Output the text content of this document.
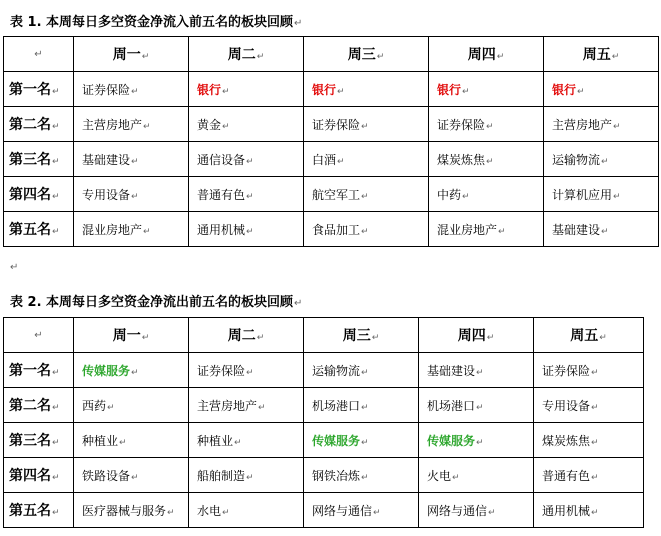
表 1. 本周每日多空资金净流入前五名的板块回顾↵
↵	周一↵	周二↵	周三↵	周四↵	周五↵
第一名↵	证券保险↵	银行↵	银行↵	银行↵	银行↵
第二名↵	主营房地产↵	黄金↵	证券保险↵	证券保险↵	主营房地产↵
第三名↵	基础建设↵	通信设备↵	白酒↵	煤炭炼焦↵	运输物流↵
第四名↵	专用设备↵	普通有色↵	航空军工↵	中药↵	计算机应用↵
第五名↵	混业房地产↵	通用机械↵	食品加工↵	混业房地产↵	基础建设↵
↵
表 2. 本周每日多空资金净流出前五名的板块回顾↵
↵	周一↵	周二↵	周三↵	周四↵	周五↵
第一名↵	传媒服务↵	证券保险↵	运输物流↵	基础建设↵	证券保险↵
第二名↵	西药↵	主营房地产↵	机场港口↵	机场港口↵	专用设备↵
第三名↵	种植业↵	种植业↵	传媒服务↵	传媒服务↵	煤炭炼焦↵
第四名↵	铁路设备↵	船舶制造↵	钢铁冶炼↵	火电↵	普通有色↵
第五名↵	医疗器械与服务↵	水电↵	网络与通信↵	网络与通信↵	通用机械↵
